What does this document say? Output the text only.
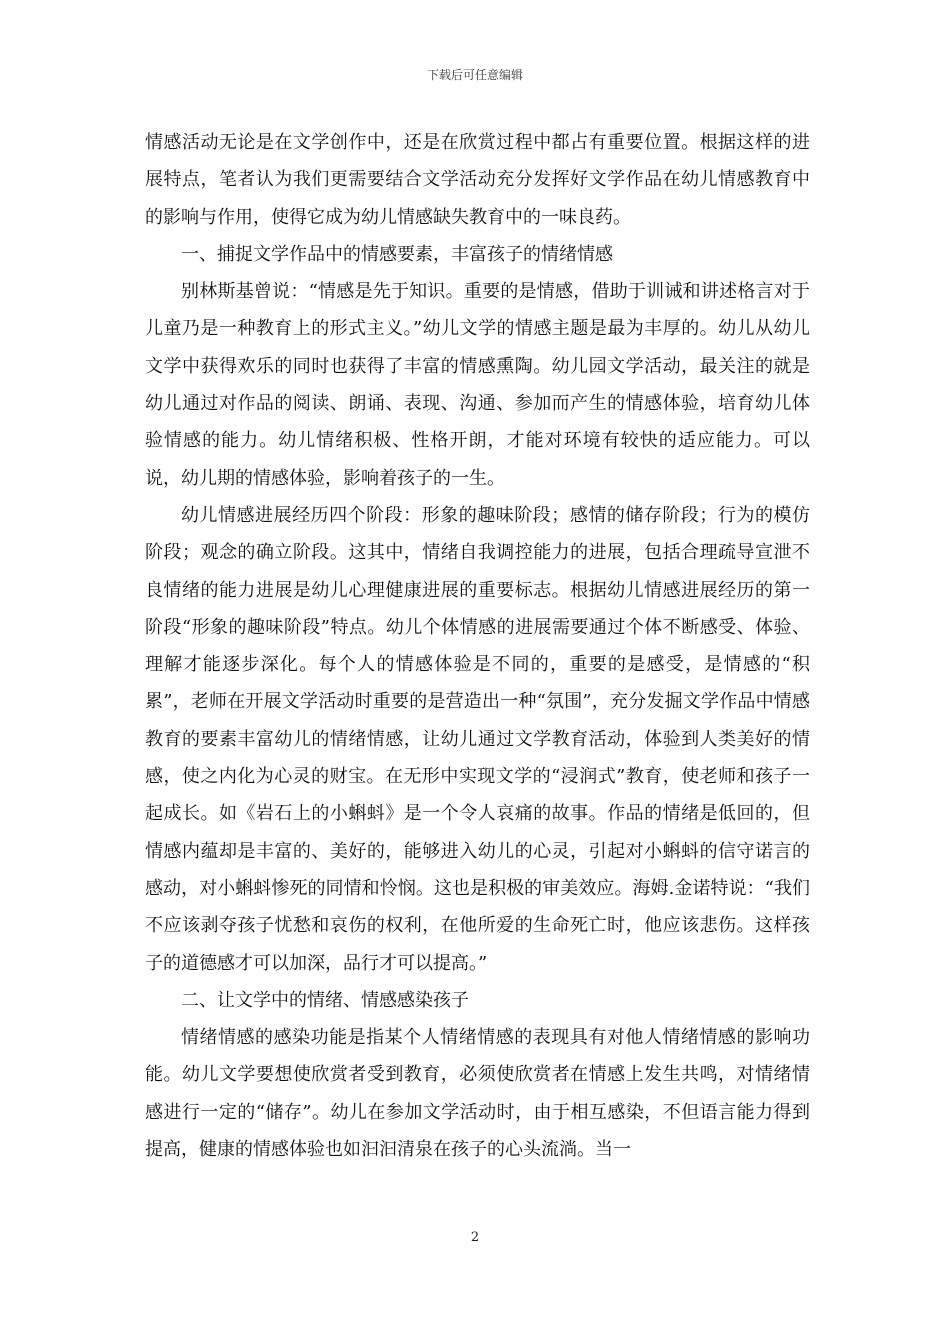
下载后可任意编辑

情感活动无论是在文学创作中，还是在欣赏过程中都占有重要位置。根据这样的进展特点，笔者认为我们更需要结合文学活动充分发挥好文学作品在幼儿情感教育中的影响与作用，使得它成为幼儿情感缺失教育中的一味良药。

一、捕捉文学作品中的情感要素，丰富孩子的情绪情感

别林斯基曾说：“情感是先于知识。重要的是情感，借助于训诫和讲述格言对于儿童乃是一种教育上的形式主义。”幼儿文学的情感主题是最为丰厚的。幼儿从幼儿文学中获得欢乐的同时也获得了丰富的情感熏陶。幼儿园文学活动，最关注的就是幼儿通过对作品的阅读、朗诵、表现、沟通、参加而产生的情感体验，培育幼儿体验情感的能力。幼儿情绪积极、性格开朗，才能对环境有较快的适应能力。可以说，幼儿期的情感体验，影响着孩子的一生。

幼儿情感进展经历四个阶段：形象的趣味阶段；感情的储存阶段；行为的模仿阶段；观念的确立阶段。这其中，情绪自我调控能力的进展，包括合理疏导宣泄不良情绪的能力进展是幼儿心理健康进展的重要标志。根据幼儿情感进展经历的第一阶段“形象的趣味阶段”特点。幼儿个体情感的进展需要通过个体不断感受、体验、理解才能逐步深化。每个人的情感体验是不同的，重要的是感受，是情感的“积累”，老师在开展文学活动时重要的是营造出一种“氛围”，充分发掘文学作品中情感教育的要素丰富幼儿的情绪情感，让幼儿通过文学教育活动，体验到人类美好的情感，使之内化为心灵的财宝。在无形中实现文学的“浸润式”教育，使老师和孩子一起成长。如《岩石上的小蝌蚪》是一个令人哀痛的故事。作品的情绪是低回的，但情感内蕴却是丰富的、美好的，能够进入幼儿的心灵，引起对小蝌蚪的信守诺言的感动，对小蝌蚪惨死的同情和怜悯。这也是积极的审美效应。海姆.金诺特说：“我们不应该剥夺孩子忧愁和哀伤的权利，在他所爱的生命死亡时，他应该悲伤。这样孩子的道德感才可以加深，品行才可以提高。”

二、让文学中的情绪、情感感染孩子

情绪情感的感染功能是指某个人情绪情感的表现具有对他人情绪情感的影响功能。幼儿文学要想使欣赏者受到教育，必须使欣赏者在情感上发生共鸣，对情绪情感进行一定的“储存”。幼儿在参加文学活动时，由于相互感染，不但语言能力得到提高，健康的情感体验也如汩汩清泉在孩子的心头流淌。当一

2
